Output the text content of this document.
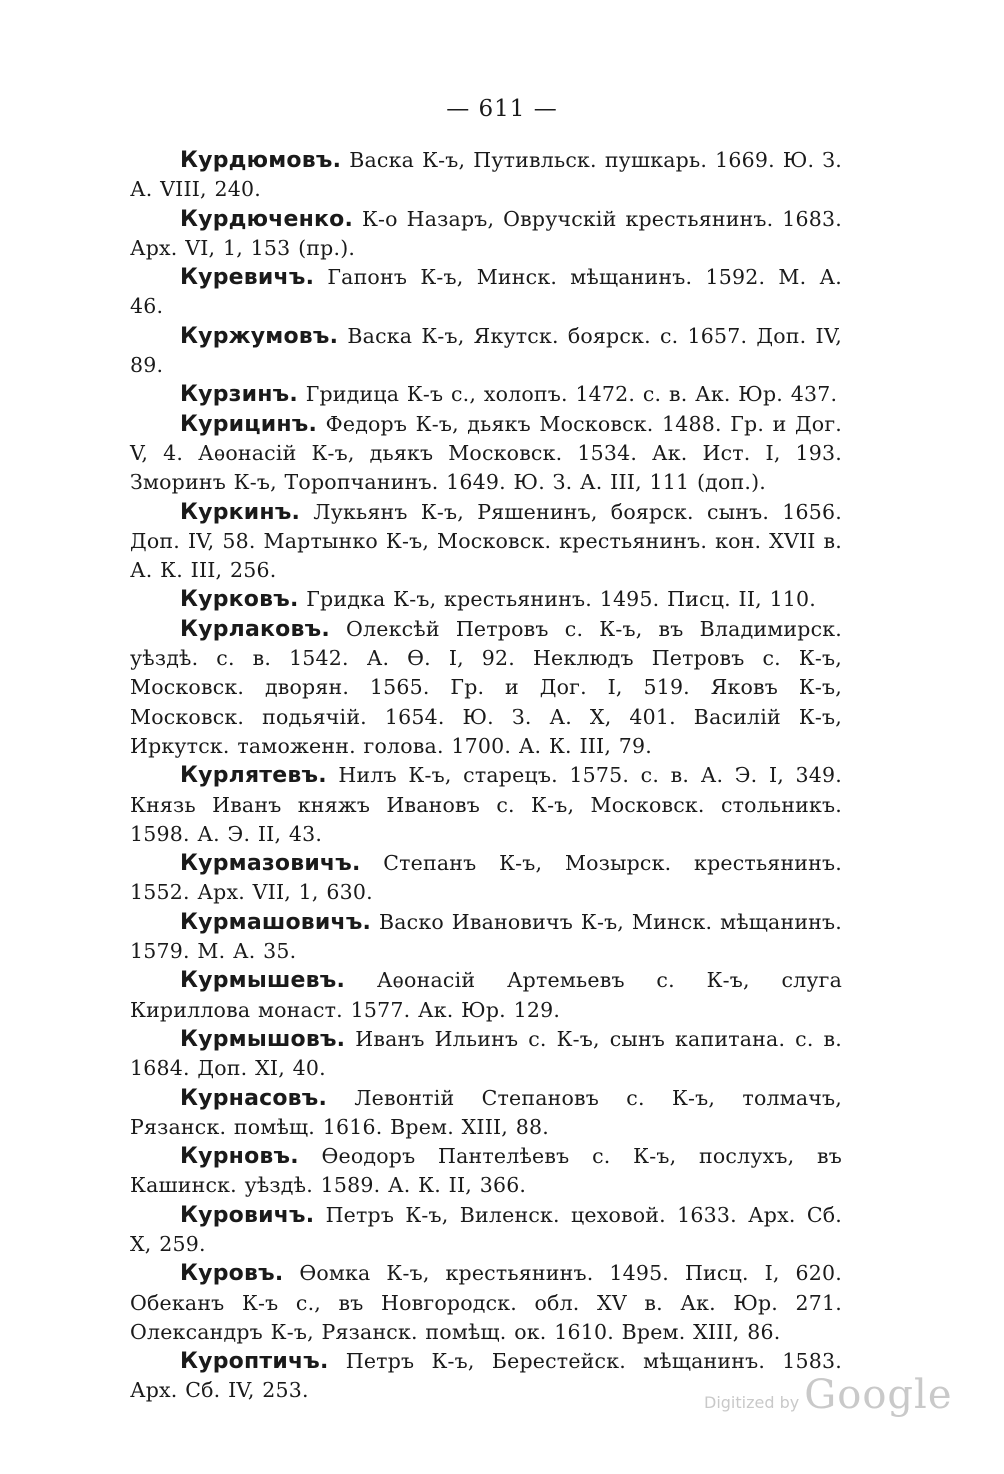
— 611 —

Курдюмовъ. Васка К-ъ, Путивльск. пушкарь. 1669. Ю. З. А. VIII, 240.

Курдюченко. К-о Назаръ, Овручскій крестьянинъ. 1683. Арх. VI, 1, 153 (пр.).

Куревичъ. Гапонъ К-ъ, Минск. мѣщанинъ. 1592. М. А. 46.

Куржумовъ. Васка К-ъ, Якутск. боярск. с. 1657. Доп. IV, 89.

Курзинъ. Гридица К-ъ с., холопъ. 1472. с. в. Ак. Юр. 437.

Курицинъ. Федоръ К-ъ, дьякъ Московск. 1488. Гр. и Дог. V, 4. Аѳонасій К-ъ, дьякъ Московск. 1534. Ак. Ист. I, 193. Зморинъ К-ъ, Торопчанинъ. 1649. Ю. З. А. III, 111 (доп.).

Куркинъ. Лукьянъ К-ъ, Ряшенинъ, боярск. сынъ. 1656. Доп. IV, 58. Мартынко К-ъ, Московск. крестьянинъ. кон. XVII в. А. К. III, 256.

Курковъ. Гридка К-ъ, крестьянинъ. 1495. Писц. II, 110.

Курлаковъ. Олексѣй Петровъ с. К-ъ, въ Владимирск. уѣздѣ. с. в. 1542. А. Ѳ. I, 92. Неклюдъ Петровъ с. К-ъ, Московск. дворян. 1565. Гр. и Дог. I, 519. Яковъ К-ъ, Московск. подьячій. 1654. Ю. З. А. X, 401. Василій К-ъ, Иркутск. таможенн. голова. 1700. А. К. III, 79.

Курлятевъ. Нилъ К-ъ, старецъ. 1575. с. в. А. Э. I, 349. Князь Иванъ княжъ Ивановъ с. К-ъ, Московск. стольникъ. 1598. А. Э. II, 43.

Курмазовичъ. Степанъ К-ъ, Мозырск. крестьянинъ. 1552. Арх. VII, 1, 630.

Курмашовичъ. Васко Ивановичъ К-ъ, Минск. мѣщанинъ. 1579. М. А. 35.

Курмышевъ. Аѳонасій Артемьевъ с. К-ъ, слуга Кириллова монаст. 1577. Ак. Юр. 129.

Курмышовъ. Иванъ Ильинъ с. К-ъ, сынъ капитана. с. в. 1684. Доп. XI, 40.

Курнасовъ. Левонтій Степановъ с. К-ъ, толмачъ, Рязанск. помѣщ. 1616. Врем. XIII, 88.

Курновъ. Ѳеодоръ Пантелѣевъ с. К-ъ, послухъ, въ Кашинск. уѣздѣ. 1589. А. К. II, 366.

Куровичъ. Петръ К-ъ, Виленск. цеховой. 1633. Арх. Сб. X, 259.

Куровъ. Ѳомка К-ъ, крестьянинъ. 1495. Писц. I, 620. Обеканъ К-ъ с., въ Новгородск. обл. XV в. Ак. Юр. 271. Олександръ К-ъ, Рязанск. помѣщ. ок. 1610. Врем. XIII, 86.

Куроптичъ. Петръ К-ъ, Берестейск. мѣщанинъ. 1583. Арх. Сб. IV, 253.

Digitized by Google
